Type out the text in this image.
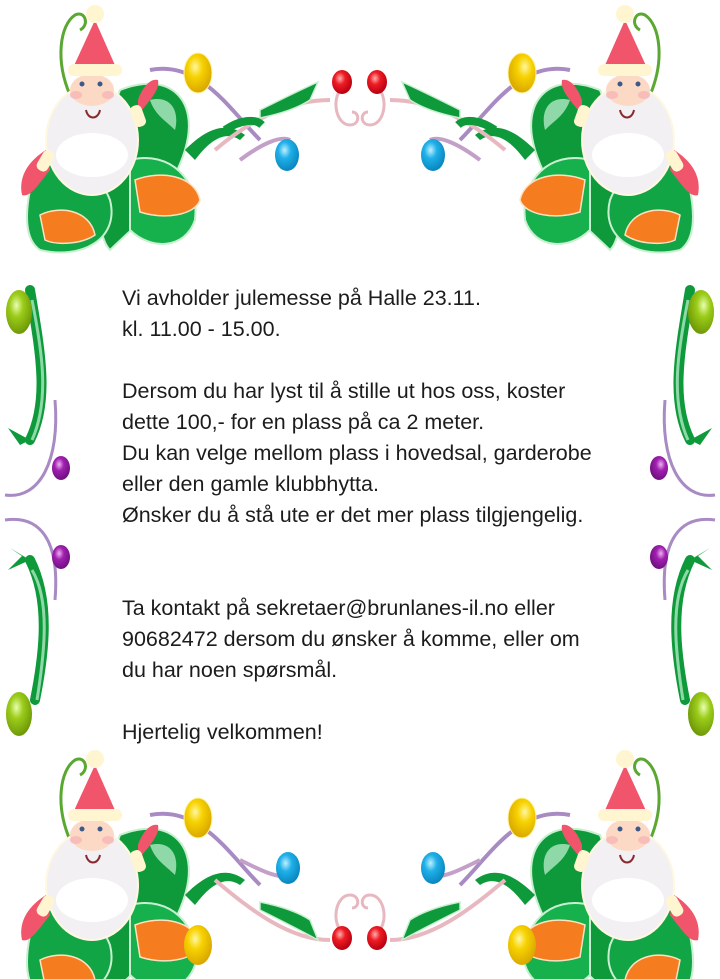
Vi avholder julemesse på Halle 23.11.
kl. 11.00 - 15.00.

Dersom du har lyst til å stille ut hos oss, koster
dette 100,- for en plass på ca 2 meter.
Du kan velge mellom plass i hovedsal, garderobe
eller den gamle klubbhytta.
Ønsker du å stå ute er det mer plass tilgjengelig.

Ta kontakt på sekretaer@brunlanes-il.no eller
90682472 dersom du ønsker å komme, eller om
du har noen spørsmål.

Hjertelig velkommen!
